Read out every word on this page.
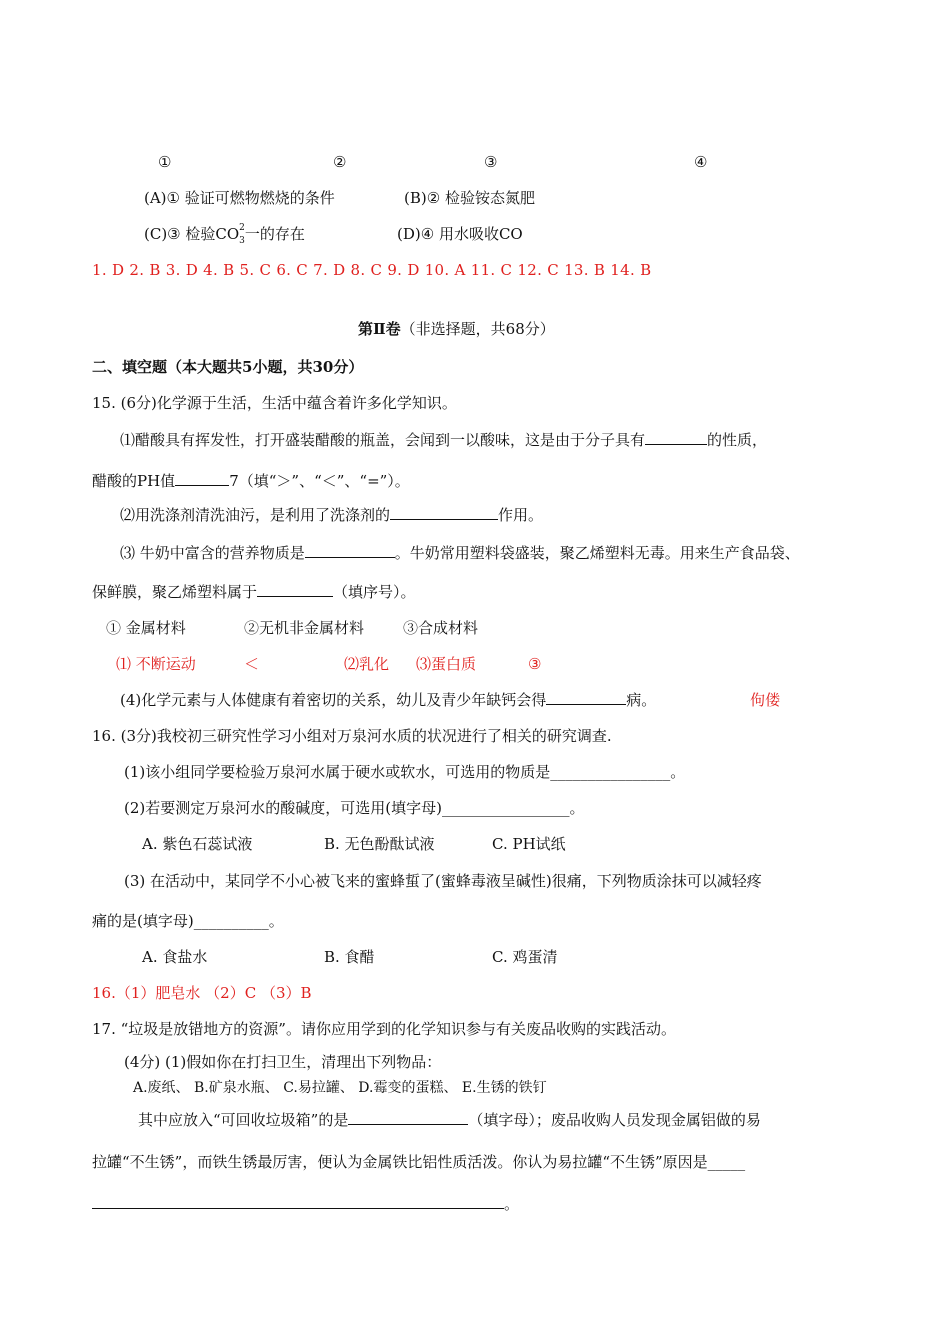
①	②	③	④
(A)① 验证可燃物燃烧的条件	(B)② 检验铵态氮肥
(C)③ 检验$CO_3$
2 一的存在	(D)④ 用水吸收CO
1. D 2. B 3. D 4. B 5. C 6. C 7. D 8. C 9. D 10. A 11. C 12. C 13. B 14. B
第Ⅱ卷（非选择题，共68分）
二、填空题（本大题共5小题，共30分）
15. (6分)化学源于生活，生活中蕴含着许多化学知识。
⑴醋酸具有挥发性，打开盛装醋酸的瓶盖，会闻到一以酸味，这是由于分子具有	的性质，
醋酸的PH值	7（填“＞”、“＜”、“=”）。
⑵用洗涤剂清洗油污，是利用了洗涤剂的	作用。
⑶ 牛奶中富含的营养物质是	。牛奶常用塑料袋盛装，聚乙烯塑料无毒。用来生产食品袋、
保鲜膜，聚乙烯塑料属于	（填序号）。
① 金属材料	②无机非金属材料	③合成材料
⑴ 不断运动	＜	⑵乳化 ⑶蛋白质	③
(4)化学元素与人体健康有着密切的关系，幼儿及青少年缺钙会得	病。	佝偻
16. (3分)我校初三研究性学习小组对万泉河水质的状况进行了相关的研究调查.
(1)该小组同学要检验万泉河水属于硬水或软水，可选用的物质是________________。
(2)若要测定万泉河水的酸碱度，可选用(填字母)_________________。
A. 紫色石蕊试液	B. 无色酚酞试液	C. PH试纸
(3) 在活动中，某同学不小心被飞来的蜜蜂蜇了(蜜蜂毒液呈碱性)很痛，下列物质涂抹可以减轻疼
痛的是(填字母)__________。
A. 食盐水	B. 食醋	C. 鸡蛋清
16.（1）肥皂水 （2）C （3）B
17. “垃圾是放错地方的资源”。请你应用学到的化学知识参与有关废品收购的实践活动。
(4分) (1)假如你在打扫卫生，清理出下列物品：
A.废纸、 B.矿泉水瓶、 C.易拉罐、 D.霉变的蛋糕、 E.生锈的铁钉
其中应放入“可回收垃圾箱”的是	（填字母）；废品收购人员发现金属铝做的易
拉罐“不生锈”，而铁生锈最厉害，便认为金属铁比铝性质活泼。你认为易拉罐“不生锈”原因是_____
。
